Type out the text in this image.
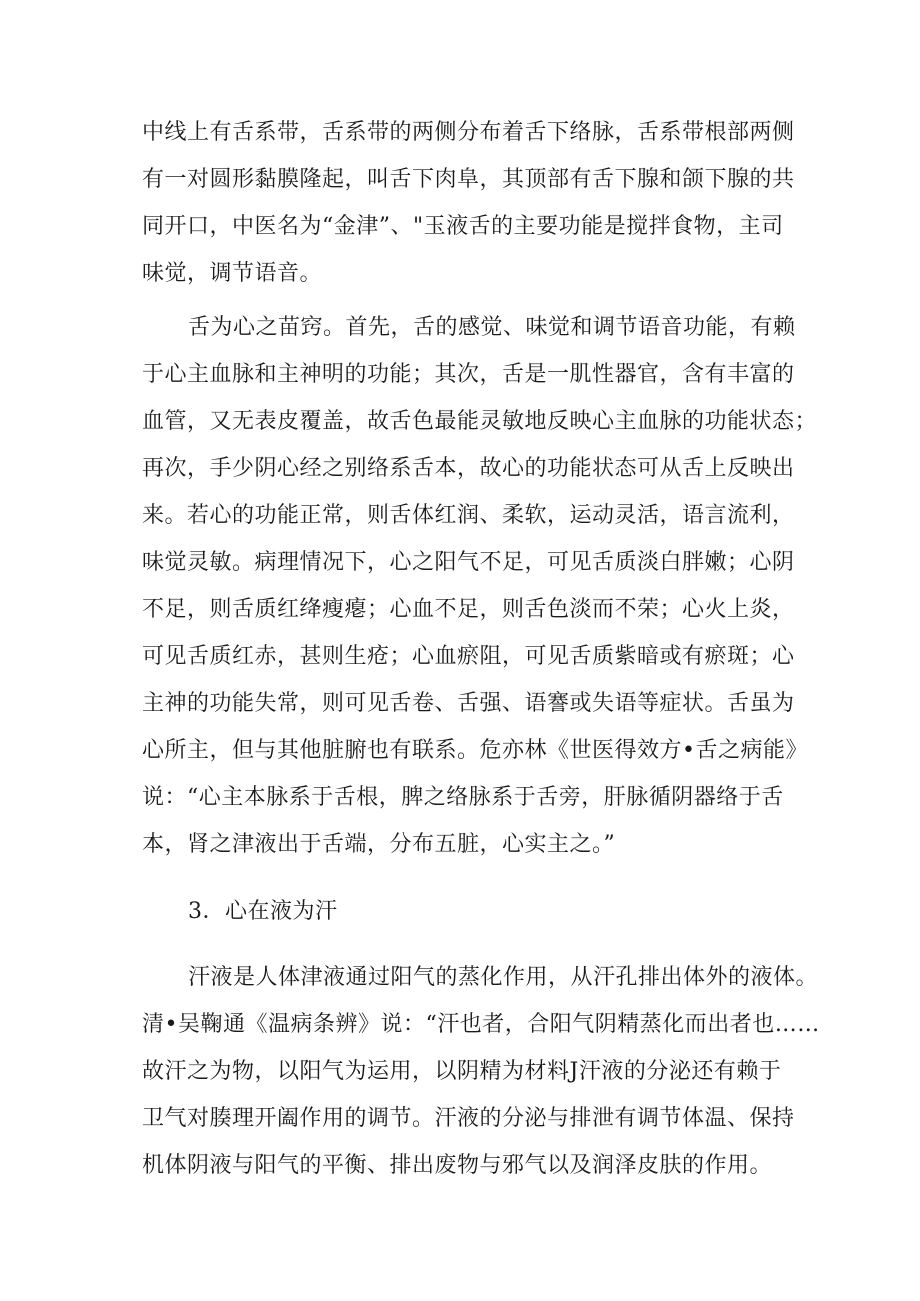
中线上有舌系带，舌系带的两侧分布着舌下络脉，舌系带根部两侧
有一对圆形黏膜隆起，叫舌下肉阜，其顶部有舌下腺和颌下腺的共
同开口，中医名为“金津”、"玉液舌的主要功能是搅拌食物，主司
味觉，调节语音。
舌为心之苗窍。首先，舌的感觉、味觉和调节语音功能，有赖
于心主血脉和主神明的功能；其次，舌是一肌性器官，含有丰富的
血管，又无表皮覆盖，故舌色最能灵敏地反映心主血脉的功能状态；
再次，手少阴心经之别络系舌本，故心的功能状态可从舌上反映出
来。若心的功能正常，则舌体红润、柔软，运动灵活，语言流利，
味觉灵敏。病理情况下，心之阳气不足，可见舌质淡白胖嫩；心阴
不足，则舌质红绛瘦瘪；心血不足，则舌色淡而不荣；心火上炎，
可见舌质红赤，甚则生疮；心血瘀阻，可见舌质紫暗或有瘀斑；心
主神的功能失常，则可见舌卷、舌强、语謇或失语等症状。舌虽为
心所主，但与其他脏腑也有联系。危亦林《世医得效方•舌之病能》
说：“心主本脉系于舌根，脾之络脉系于舌旁，肝脉循阴器络于舌
本，肾之津液出于舌端，分布五脏，心实主之。”
3．心在液为汗
汗液是人体津液通过阳气的蒸化作用，从汗孔排出体外的液体。
清•吴鞠通《温病条辨》说：“汗也者，合阳气阴精蒸化而出者也……
故汗之为物，以阳气为运用，以阴精为材料J汗液的分泌还有赖于
卫气对腠理开阖作用的调节。汗液的分泌与排泄有调节体温、保持
机体阴液与阳气的平衡、排出废物与邪气以及润泽皮肤的作用。
